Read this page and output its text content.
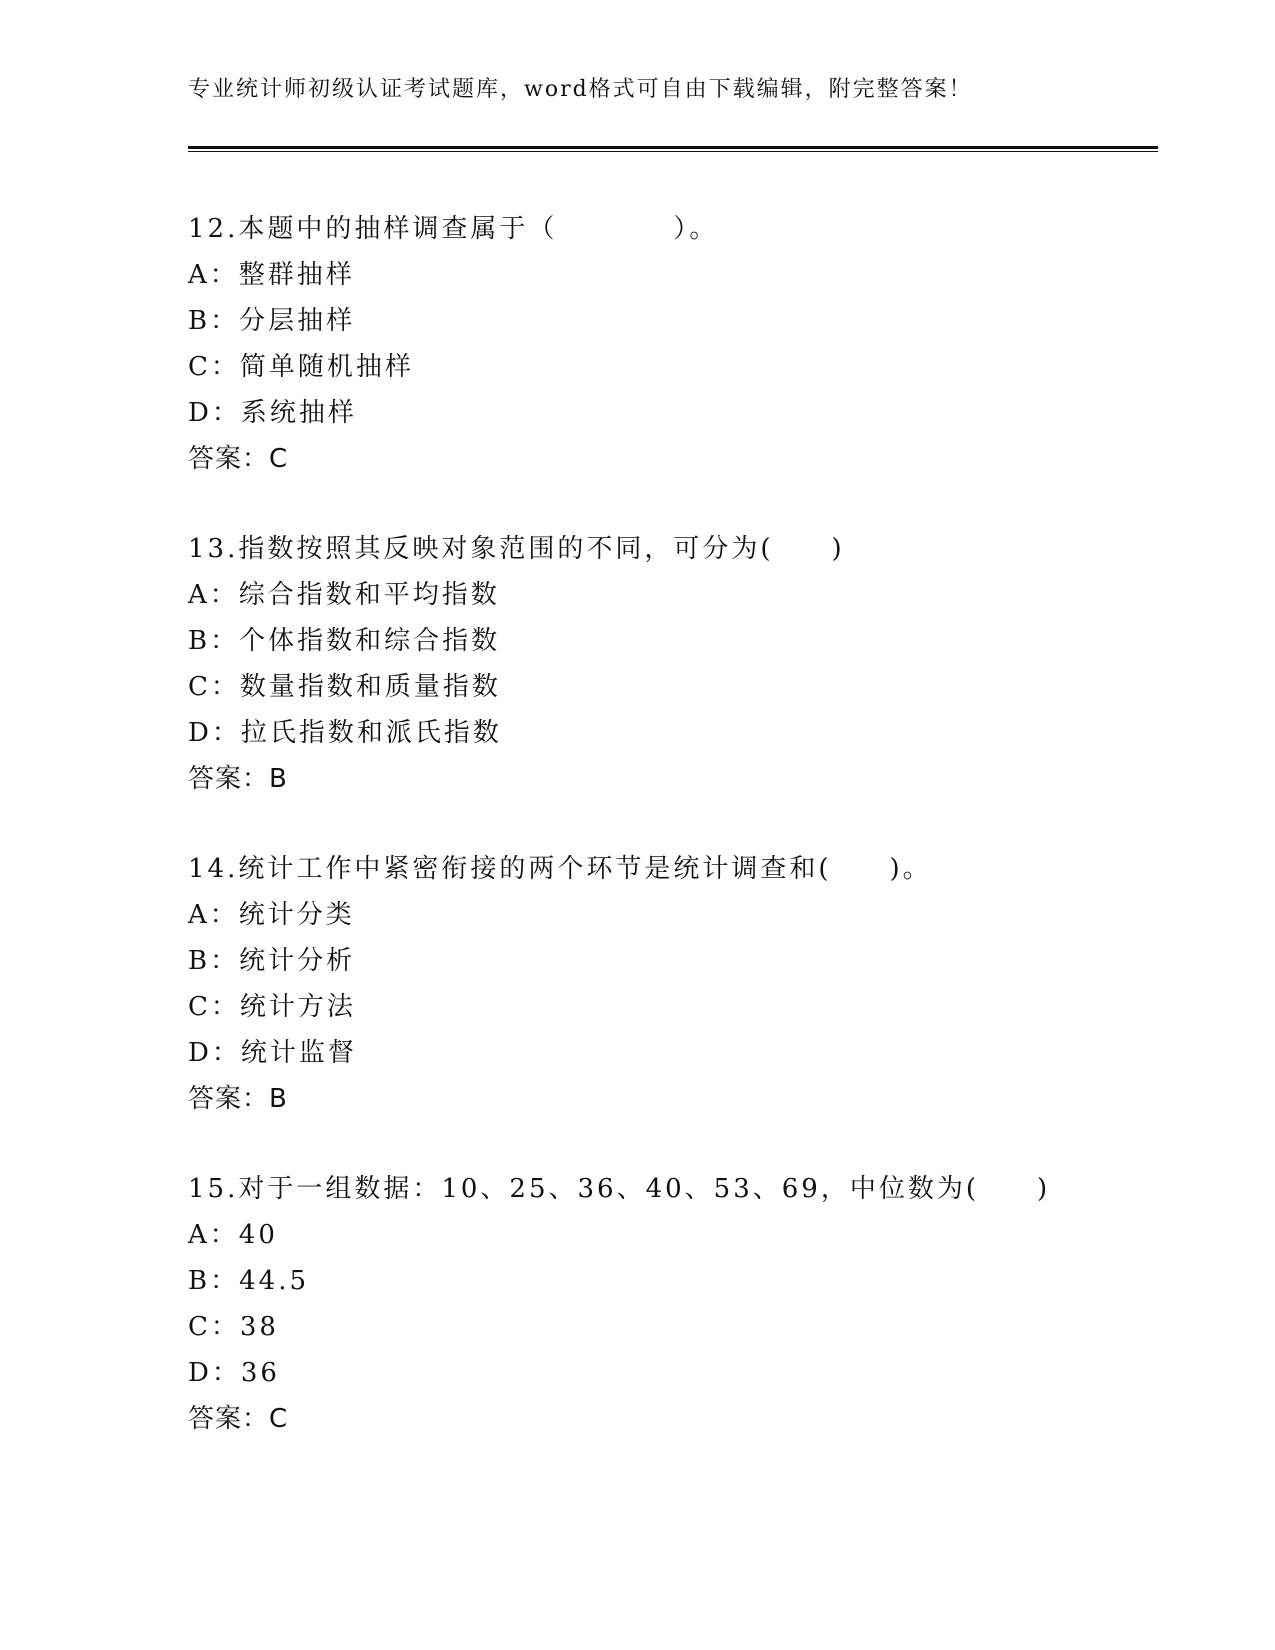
专业统计师初级认证考试题库，word格式可自由下载编辑，附完整答案！
12.本题中的抽样调查属于（　　　　）。
A：整群抽样
B：分层抽样
C：简单随机抽样
D：系统抽样
答案：C
13.指数按照其反映对象范围的不同，可分为(　　)
A：综合指数和平均指数
B：个体指数和综合指数
C：数量指数和质量指数
D：拉氏指数和派氏指数
答案：B
14.统计工作中紧密衔接的两个环节是统计调查和(　　)。
A：统计分类
B：统计分析
C：统计方法
D：统计监督
答案：B
15.对于一组数据：10、25、36、40、53、69，中位数为(　　)
A：40
B：44.5
C：38
D：36
答案：C
